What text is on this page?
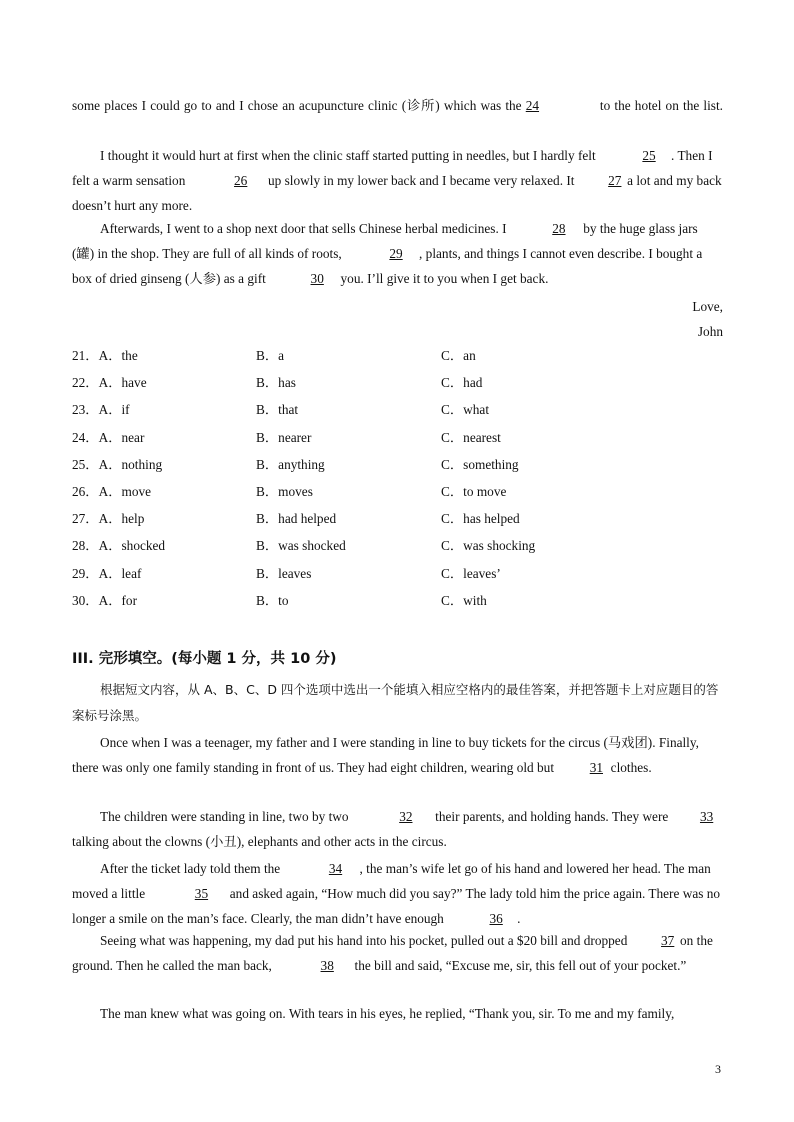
some places I could go to and I chose an acupuncture clinic (诊所) which was the 24	to the hotel on the list.
I thought it would hurt at first when the clinic staff started putting in needles, but I hardly felt	25 . Then I felt a warm sensation	26 up slowly in my lower back and I became very relaxed. It 27 a lot and my back doesn’t hurt any more.
Afterwards, I went to a shop next door that sells Chinese herbal medicines. I	28 by the huge glass jars (罐) in the shop. They are full of all kinds of roots,	29 , plants, and things I cannot even describe. I bought a box of dried ginseng (人参) as a gift	30 you. I’ll give it to you when I get back.
Love,
John
21．A．the	B．a	C．an
22．A．have	B．has	C．had
23．A．if	B．that	C．what
24．A．near	B．nearer	C．nearest
25．A．nothing	B．anything	C．something
26．A．move	B．moves	C．to move
27．A．help	B．had helped	C．has helped
28．A．shocked	B．was shocked	C．was shocking
29．A．leaf	B．leaves	C．leaves’
30．A．for	B．to	C．with
III. 完形填空。(每小题 1 分，共 10 分)
根据短文内容，从 A、B、C、D 四个选项中选出一个能填入相应空格内的最佳答案，并把答题卡上对应题目的答案标号涂黑。
Once when I was a teenager, my father and I were standing in line to buy tickets for the circus (马戏团). Finally, there was only one family standing in front of us. They had eight children, wearing old but 31 clothes.
The children were standing in line, two by two	32 their parents, and holding hands. They were 33 talking about the clowns (小丑), elephants and other acts in the circus.
After the ticket lady told them the	34 , the man’s wife let go of his hand and lowered her head. The man moved a little	35 and asked again, “How much did you say?” The lady told him the price again. There was no longer a smile on the man’s face. Clearly, the man didn’t have enough	36 .
Seeing what was happening, my dad put his hand into his pocket, pulled out a $20 bill and dropped 37 on the ground. Then he called the man back,	38 the bill and said, “Excuse me, sir, this fell out of your pocket.”
The man knew what was going on. With tears in his eyes, he replied, “Thank you, sir. To me and my family,
3
